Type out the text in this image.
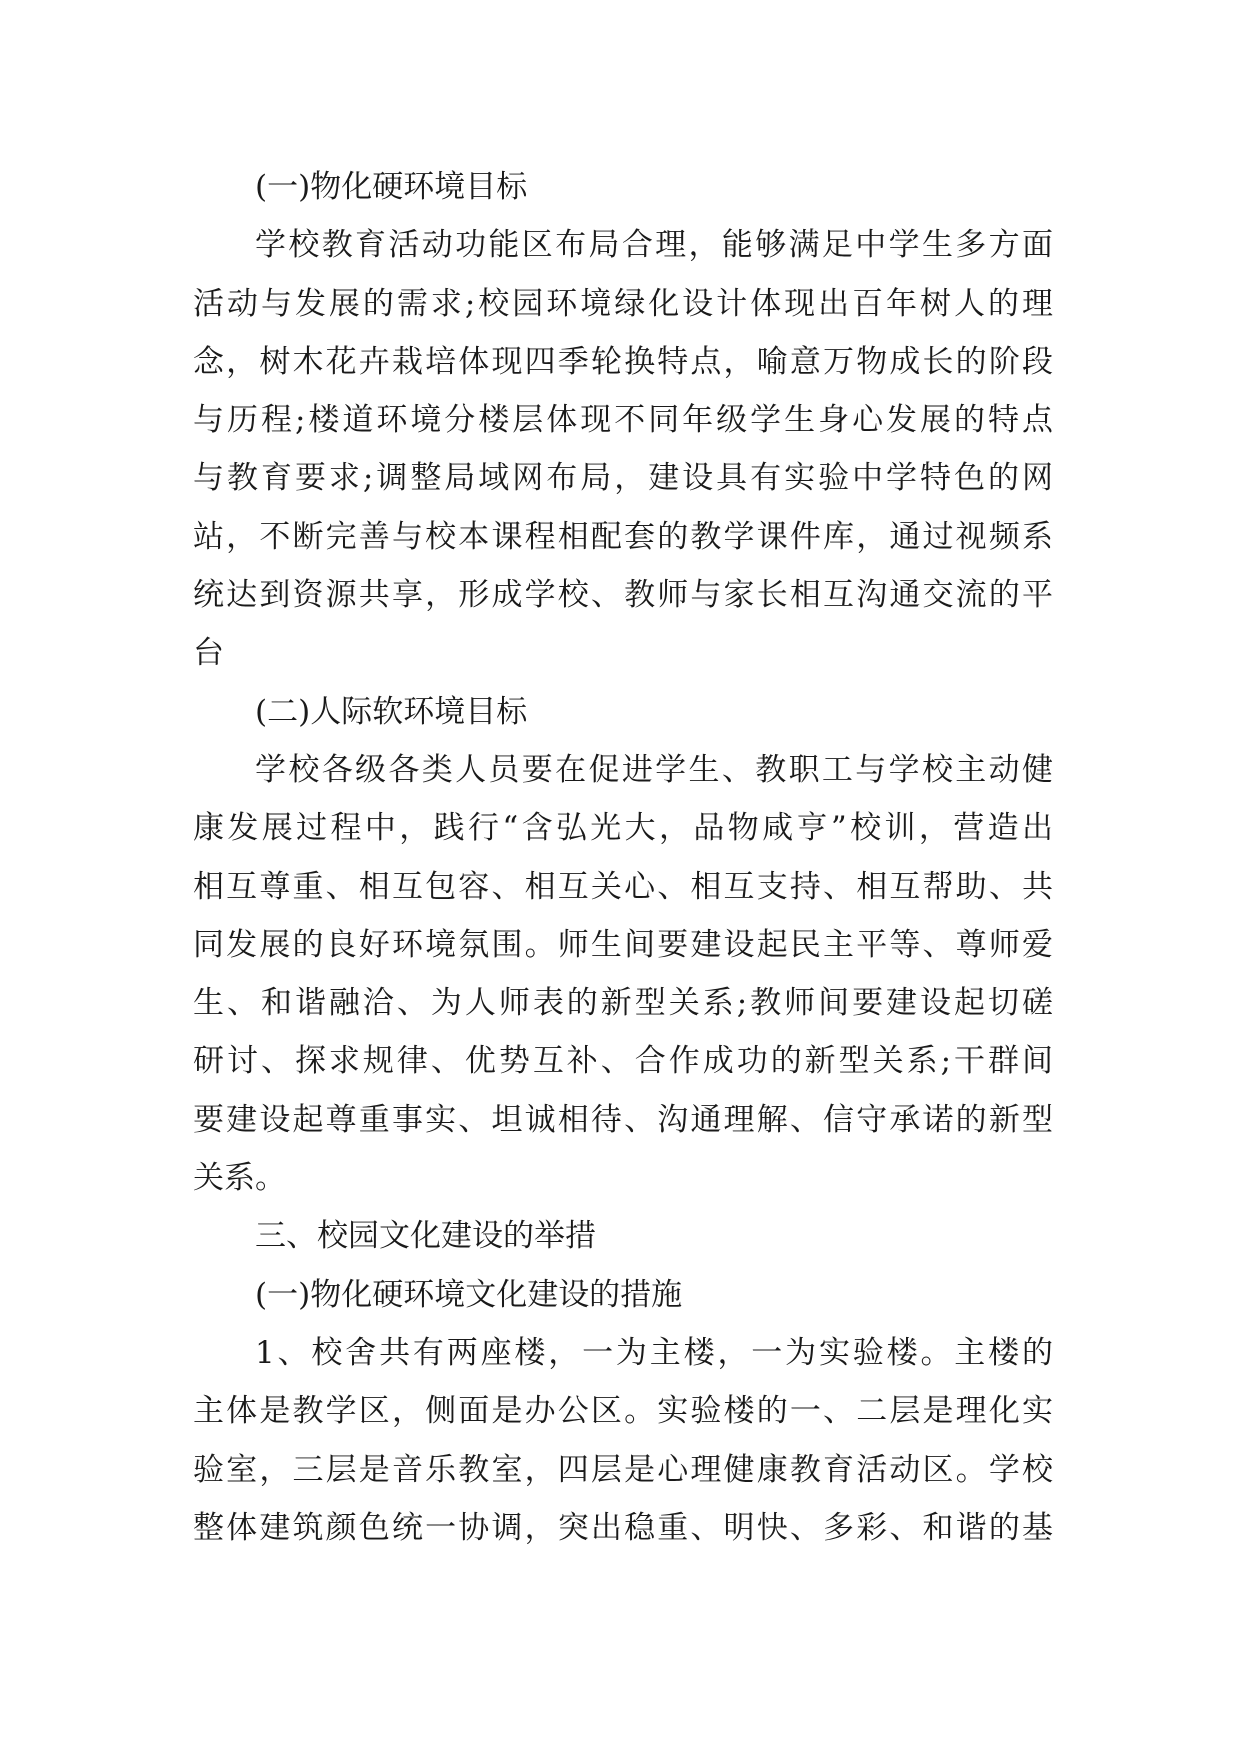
(一)物化硬环境目标
学校教育活动功能区布局合理，能够满足中学生多方面
活动与发展的需求;校园环境绿化设计体现出百年树人的理
念，树木花卉栽培体现四季轮换特点，喻意万物成长的阶段
与历程;楼道环境分楼层体现不同年级学生身心发展的特点
与教育要求;调整局域网布局，建设具有实验中学特色的网
站，不断完善与校本课程相配套的教学课件库，通过视频系
统达到资源共享，形成学校、教师与家长相互沟通交流的平
台
(二)人际软环境目标
学校各级各类人员要在促进学生、教职工与学校主动健
康发展过程中，践行“含弘光大，品物咸亨”校训，营造出
相互尊重、相互包容、相互关心、相互支持、相互帮助、共
同发展的良好环境氛围。师生间要建设起民主平等、尊师爱
生、和谐融洽、为人师表的新型关系;教师间要建设起切磋
研讨、探求规律、优势互补、合作成功的新型关系;干群间
要建设起尊重事实、坦诚相待、沟通理解、信守承诺的新型
关系。
三、校园文化建设的举措
(一)物化硬环境文化建设的措施
1、校舍共有两座楼，一为主楼，一为实验楼。主楼的
主体是教学区，侧面是办公区。实验楼的一、二层是理化实
验室，三层是音乐教室，四层是心理健康教育活动区。学校
整体建筑颜色统一协调，突出稳重、明快、多彩、和谐的基
